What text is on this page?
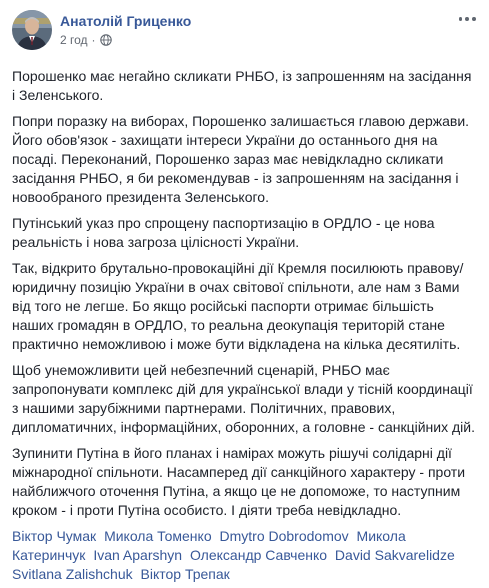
Анатолій Гриценко
2 год ·

Порошенко має негайно скликати РНБО, із запрошенням на засідання і Зеленського.

Попри поразку на виборах, Порошенко залишається главою держави. Його обов'язок - захищати інтереси України до останнього дня на посаді. Переконаний, Порошенко зараз має невідкладно скликати засідання РНБО, я би рекомендував - із запрошенням на засідання і новообраного президента Зеленського.

Путінський указ про спрощену паспортизацію в ОРДЛО - це нова реальність і нова загроза цілісності України.

Так, відкрито брутально-провокаційні дії Кремля посилюють правову/юридичну позицію України в очах світової спільноти, але нам з Вами від того не легше. Бо якщо російські паспорти отримає більшість наших громадян в ОРДЛО, то реальна деокупація територій стане практично неможливою і може бути відкладена на кілька десятиліть.

Щоб унеможливити цей небезпечний сценарій, РНБО має запропонувати комплекс дій для української влади у тісній координації з нашими зарубіжними партнерами. Політичних, правових, дипломатичних, інформаційних, оборонних, а головне - санкційних дій.

Зупинити Путіна в його планах і намірах можуть рішучі солідарні дії міжнародної спільноти. Насамперед дії санкційного характеру - проти найближчого оточення Путіна, а якщо це не допоможе, то наступним кроком - і проти Путіна особисто. І діяти треба невідкладно.

Віктор Чумак Микола Томенко Dmytro Dobrodomov Микола Катеринчук Ivan Aparshyn Олександр Савченко David Sakvarelidze Svitlana Zalishchuk Віктор Трепак
